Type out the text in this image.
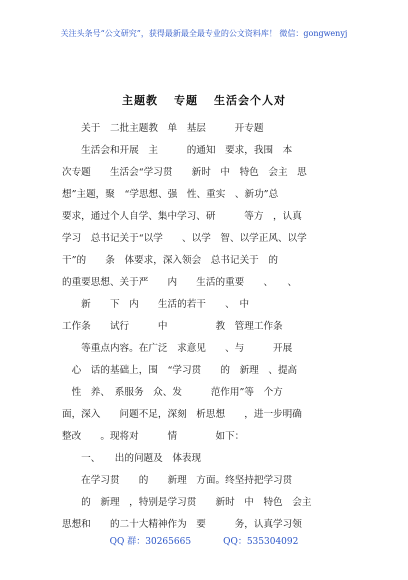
关注头条号“公文研究”，获得最新最全最专业的公文资料库！ 微信：gongwenyj
主题教 专题 生活会个人对
　　关于　二批主题教　单　基层　　　开专题
　　生活会和开展　主　　　的通知　要求，我围　本
次专题　　生活会“学习贯　　新时　中　特色　会主　思
想”主题，聚　“学思想、强　性、重实　、新功”总
要求，通过个人自学、集中学习、研　　　等方　，认真
学习　总书记关于“以学　　、以学　智、以学正风、以学
干”的　　条　体要求，深入领会　总书记关于　的
的重要思想、关于严　　内　　生活的重要　　、　　、
　　新　　下　内　　生活的若干　　、　中
工作条　　试行　　　中　　　　　教　管理工作条
　　等重点内容。在广泛　求意见　　、与　　　开展
　心　话的基础上，围　“学习贯　　的　新理　、提高
　性　养、　系服务　众、发　　　范作用”等　个方
面，深入　　问题不足，深刻　析思想　　，进一步明确
整改　　。现将对　　　情　　　　如下：
　　一、　　出的问题及　体表现
　　在学习贯　　的　　新理　方面。终坚持把学习贯
　　的　新理　，特别是学习贯　　新时　中　特色　会主
思想和　　的二十大精神作为　要　　　务，认真学习领
QQ 群：30265665	QQ：535304092
